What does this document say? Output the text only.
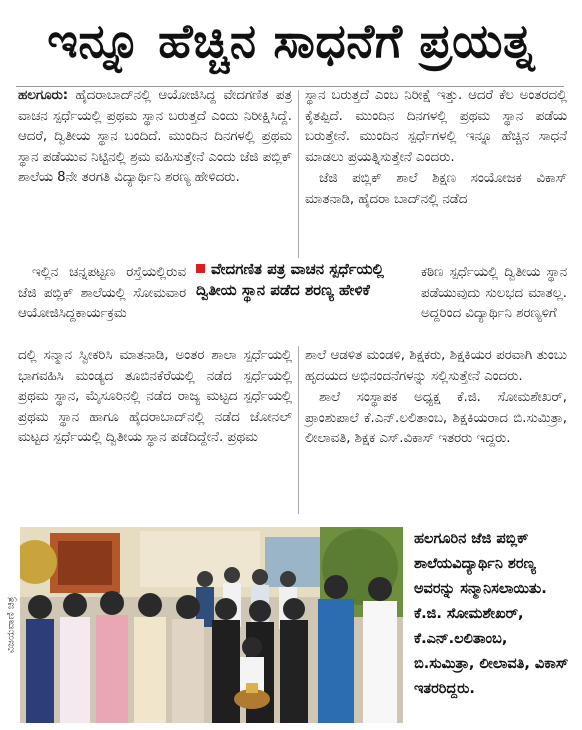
ಇನ್ನೂ ಹೆಚ್ಚಿನ ಸಾಧನೆಗೆ ಪ್ರಯತ್ನ

ಹಲಗೂರು: ಹೈದರಾಬಾದ್‌ನಲ್ಲಿ ಆಯೋಜಿಸಿದ್ದ ವೇದಗಣಿತ ಪತ್ರ ವಾಚನ ಸ್ಪರ್ಧೆಯಲ್ಲಿ ಪ್ರಥಮ ಸ್ಥಾನ ಬರುತ್ತದೆ ಎಂದು ನಿರೀಕ್ಷಿಸಿದ್ದೆ. ಆದರೆ, ದ್ವಿತೀಯ ಸ್ಥಾನ ಬಂದಿದೆ. ಮುಂದಿನ ದಿನಗಳಲ್ಲಿ ಪ್ರಥಮ ಸ್ಥಾನ ಪಡೆಯುವ ನಿಟ್ಟಿನಲ್ಲಿ ಶ್ರಮ ವಹಿಸುತ್ತೇನೆ ಎಂದು ಜೆಜಿ ಪಬ್ಲಿಕ್ ಶಾಲೆಯ 8ನೇ ತರಗತಿ ವಿದ್ಯಾರ್ಥಿನಿ ಶರಣ್ಯ ಹೇಳಿದರು.

ಸ್ಥಾನ ಬರುತ್ತದೆ ಎಂಬ ನಿರೀಕ್ಷೆ ಇತ್ತು. ಆದರೆ ಕೆಲ ಅಂತರದಲ್ಲಿ ಕೈತಪ್ಪಿದೆ. ಮುಂದಿನ ದಿನಗಳಲ್ಲಿ ಪ್ರಥಮ ಸ್ಥಾನ ಪಡೆಯ ಬರುತ್ತೇನೆ. ಮುಂದಿನ ಸ್ಪರ್ಧೆಗಳಲ್ಲಿ ಇನ್ನೂ ಹೆಚ್ಚಿನ ಸಾಧನೆ ಮಾಡಲು ಪ್ರಯತ್ನಿಸುತ್ತೇನೆ ಎಂದರು.

ಜೆಜಿ ಪಬ್ಲಿಕ್ ಶಾಲೆ ಶಿಕ್ಷಣ ಸಂಯೋಜಕ ವಿಕಾಸ್ ಮಾತನಾಡಿ, ಹೈದರಾ ಬಾದ್‌ನಲ್ಲಿ ನಡೆದ

ಇಲ್ಲಿನ ಚನ್ನಪಟ್ಟಣ ರಸ್ತೆಯಲ್ಲಿರುವ ಜೆಜಿ ಪಬ್ಲಿಕ್ ಶಾಲೆಯಲ್ಲಿ ಸೋಮವಾರ ಆಯೋಜಿಸಿದ್ದಕಾರ್ಯಕ್ರಮ

ವೇದಗಣಿತ ಪತ್ರ ವಾಚನ ಸ್ಪರ್ಧೆಯಲ್ಲಿ ದ್ವಿತೀಯ ಸ್ಥಾನ ಪಡೆದ ಶರಣ್ಯ ಹೇಳಿಕೆ

ಕಠಿಣ ಸ್ಪರ್ಧೆಯಲ್ಲಿ ದ್ವಿತೀಯ ಸ್ಥಾನ ಪಡೆಯುವುದು ಸುಲಭದ ಮಾತಲ್ಲ. ಅದ್ದರಿಂದ ವಿದ್ಯಾರ್ಥಿನಿ ಶರಣ್ಯಳಿಗೆ

ದಲ್ಲಿ ಸನ್ಮಾನ ಸ್ವೀಕರಿಸಿ ಮಾತನಾಡಿ, ಅಂತರ ಶಾಲಾ ಸ್ಪರ್ಧೆಯಲ್ಲಿ ಭಾಗವಹಿಸಿ ಮಂಡ್ಯದ ತೂಬಿನಕೆರೆಯಲ್ಲಿ ನಡೆದ ಸ್ಪರ್ಧೆಯಲ್ಲಿ ಪ್ರಥಮ ಸ್ಥಾನ, ಮೈಸೂರಿನಲ್ಲಿ ನಡೆದ ರಾಜ್ಯ ಮಟ್ಟದ ಸ್ಪರ್ಧೆಯಲ್ಲಿ ಪ್ರಥಮ ಸ್ಥಾನ ಹಾಗೂ ಹೈದರಾಬಾದ್‌ನಲ್ಲಿ ನಡೆದ ಜೋನಲ್ ಮಟ್ಟದ ಸ್ಪರ್ಧೆಯಲ್ಲಿ ದ್ವಿತೀಯ ಸ್ಥಾನ ಪಡೆದಿದ್ದೇನೆ. ಪ್ರಥಮ

ಶಾಲೆ ಆಡಳಿತ ಮಂಡಳಿ, ಶಿಕ್ಷಕರು, ಶಿಕ್ಷಕಿಯರ ಪರವಾಗಿ ತುಂಬು ಹೃದಯದ ಅಭಿನಂದನೆಗಳನ್ನು ಸಲ್ಲಿಸುತ್ತೇನೆ ಎಂದರು.

ಶಾಲೆ ಸಂಸ್ಥಾಪಕ ಅಧ್ಯಕ್ಷ ಕೆ.ಜಿ. ಸೋಮಶೇಖರ್, ಪ್ರಾಂಶುಪಾಲೆ ಕೆ.ಎನ್.ಲಲಿತಾಂಬ, ಶಿಕ್ಷಕಿಯರಾದ ಬಿ.ಸುಮಿತ್ರಾ, ಲೀಲಾವತಿ, ಶಿಕ್ಷಕ ಎಸ್.ವಿಕಾಸ್ ಇತರರು ಇದ್ದರು.

ವಿಜಯವಾಣಿ ಚಿತ್ರ
ಹಲಗೂರಿನ ಜೆಜಿ ಪಬ್ಲಿಕ್ ಶಾಲೆಯವಿದ್ಯಾರ್ಥಿನಿ ಶರಣ್ಯ ಅವರನ್ನು ಸನ್ಮಾನಿಸಲಾಯಿತು. ಕೆ.ಜಿ. ಸೋಮಶೇಖರ್, ಕೆ.ಎನ್.ಲಲಿತಾಂಬ, ಬಿ.ಸುಮಿತ್ರಾ, ಲೀಲಾವತಿ, ವಿಕಾಸ್ ಇತರರಿದ್ದರು.
